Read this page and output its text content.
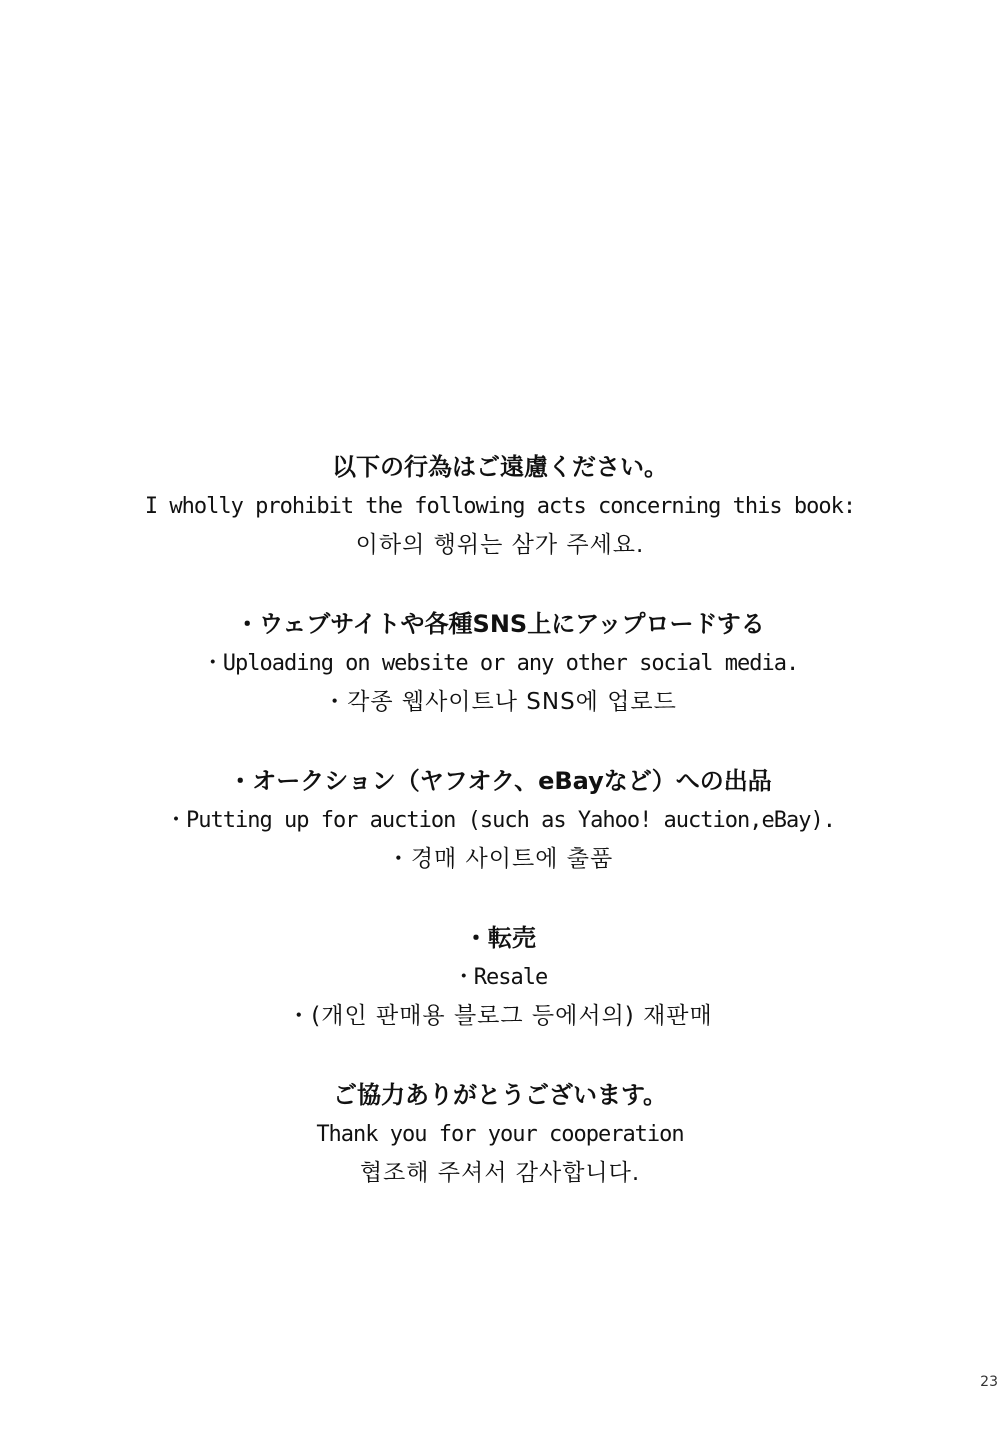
以下の行為はご遠慮ください。
I wholly prohibit the following acts concerning this book:
이하의 행위는 삼가 주세요.
・ウェブサイトや各種SNS上にアップロードする
・Uploading on website or any other social media.
・각종 웹사이트나 SNS에 업로드
・オークション（ヤフオク、eBayなど）への出品
・Putting up for auction (such as Yahoo! auction,eBay).
・경매 사이트에 출품
・転売
・Resale
・(개인 판매용 블로그 등에서의) 재판매
ご協力ありがとうございます。
Thank you for your cooperation
협조해 주셔서 감사합니다.
23
